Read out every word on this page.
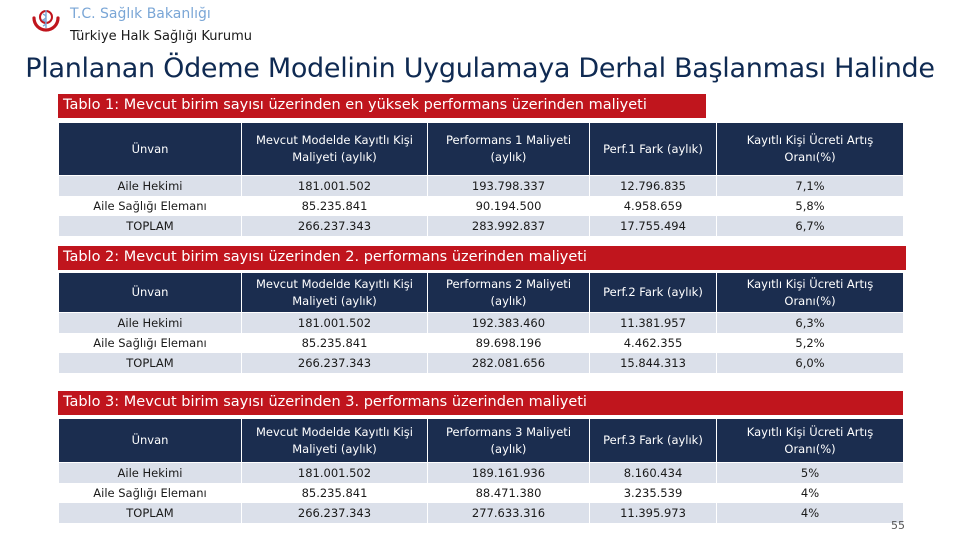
T.C. Sağlık Bakanlığı
Türkiye Halk Sağlığı Kurumu
Planlanan Ödeme Modelinin Uygulamaya Derhal Başlanması Halinde
Tablo 1: Mevcut birim sayısı üzerinden en yüksek performans üzerinden maliyeti
Ünvan	Mevcut Modelde Kayıtlı Kişi Maliyeti (aylık)	Performans 1 Maliyeti (aylık)	Perf.1 Fark (aylık)	Kayıtlı Kişi Ücreti Artış Oranı(%)
Aile Hekimi	181.001.502	193.798.337	12.796.835	7,1%
Aile Sağlığı Elemanı	85.235.841	90.194.500	4.958.659	5,8%
TOPLAM	266.237.343	283.992.837	17.755.494	6,7%
Tablo 2: Mevcut birim sayısı üzerinden 2. performans üzerinden maliyeti
Ünvan	Mevcut Modelde Kayıtlı Kişi Maliyeti (aylık)	Performans 2 Maliyeti (aylık)	Perf.2 Fark (aylık)	Kayıtlı Kişi Ücreti Artış Oranı(%)
Aile Hekimi	181.001.502	192.383.460	11.381.957	6,3%
Aile Sağlığı Elemanı	85.235.841	89.698.196	4.462.355	5,2%
TOPLAM	266.237.343	282.081.656	15.844.313	6,0%
Tablo 3: Mevcut birim sayısı üzerinden 3. performans üzerinden maliyeti
Ünvan	Mevcut Modelde Kayıtlı Kişi Maliyeti (aylık)	Performans 3 Maliyeti (aylık)	Perf.3 Fark (aylık)	Kayıtlı Kişi Ücreti Artış Oranı(%)
Aile Hekimi	181.001.502	189.161.936	8.160.434	5%
Aile Sağlığı Elemanı	85.235.841	88.471.380	3.235.539	4%
TOPLAM	266.237.343	277.633.316	11.395.973	4%
55
